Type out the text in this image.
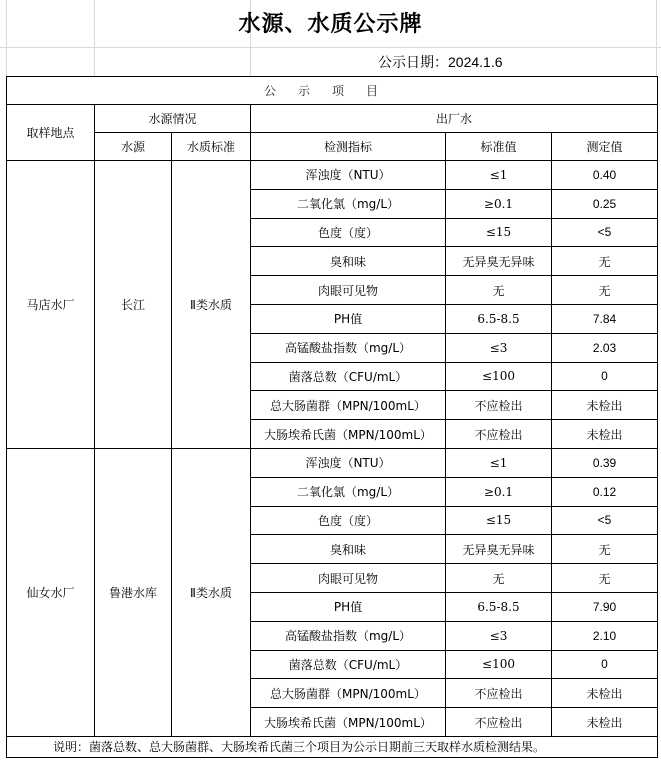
水源、水质公示牌
公示日期：2024.1.6
公示项目					
取样地点	水源情况		出厂水		
	水源	水质标准	检测指标	标准值	测定值
马店水厂	长江	Ⅱ类水质	浑浊度（NTU）	≤1	0.40
			二氧化氯（mg/L）	≥0.1	0.25
			色度（度）	≤15	<5
			臭和味	无异臭无异味	无
			肉眼可见物	无	无
			PH值	6.5-8.5	7.84
			高锰酸盐指数（mg/L）	≤3	2.03
			菌落总数（CFU/mL）	≤100	0
			总大肠菌群（MPN/100mL）	不应检出	未检出
			大肠埃希氏菌（MPN/100mL）	不应检出	未检出
仙女水厂	鲁港水库	Ⅱ类水质	浑浊度（NTU）	≤1	0.39
			二氧化氯（mg/L）	≥0.1	0.12
			色度（度）	≤15	<5
			臭和味	无异臭无异味	无
			肉眼可见物	无	无
			PH值	6.5-8.5	7.90
			高锰酸盐指数（mg/L）	≤3	2.10
			菌落总数（CFU/mL）	≤100	0
			总大肠菌群（MPN/100mL）	不应检出	未检出
			大肠埃希氏菌（MPN/100mL）	不应检出	未检出
说明：菌落总数、总大肠菌群、大肠埃希氏菌三个项目为公示日期前三天取样水质检测结果。					
